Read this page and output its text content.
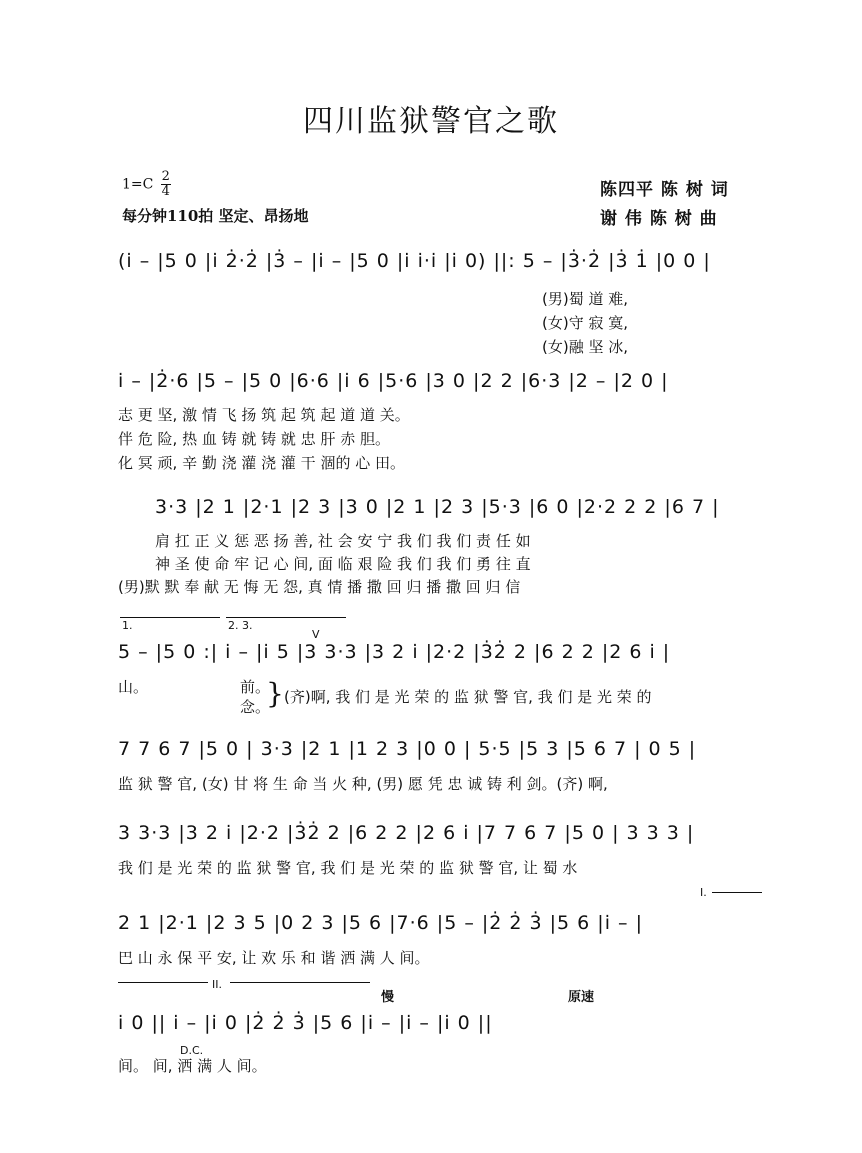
四川监狱警官之歌
$1=C \frac{2}{4}$
每分钟110拍 坚定、昂扬地
陈四平 陈 树 词
谢 伟 陈 树 曲
(i̇ – |5 0 |i̇ 2̇·2̇ |3̇ – |i̇ – |5 0 |i̇ i̇·i̇ |i̇ 0) ||: 5 – |3̇·2̇ |3̇ 1̇ |0 0 |
(男)蜀 道 难,
(女)守 寂 寞,
(女)融 坚 冰,
i̇ – |2̇·6 |5 – |5 0 |6·6 |i̇ 6 |5·6 |3 0 |2 2 |6·3 |2 – |2 0 |
志 更 坚, 激 情 飞 扬 筑 起 筑 起 道 道 关。
伴 危 险, 热 血 铸 就 铸 就 忠 肝 赤 胆。
化 冥 顽, 辛 勤 浇 灌 浇 灌 干 涸的 心 田。
3·3 |2 1 |2·1 |2 3 |3 0 |2 1 |2 3 |5·3 |6 0 |2·2 2 2 |6 7 |
肩 扛 正 义 惩 恶 扬 善, 社 会 安 宁 我 们 我 们 责 任 如
神 圣 使 命 牢 记 心 间, 面 临 艰 险 我 们 我 们 勇 往 直
(男)默 默 奉 献 无 悔 无 怨, 真 情 播 撒 回 归 播 撒 回 归 信
1.	2. 3.
V
5 – |5 0 :| i̇ – |i̇ 5 |3 3·3 |3 2 i̇ |2·2 |3̇2̇ 2 |6 2 2 |2 6 i̇ |
山。	前。
念。
} (齐)啊, 我 们 是 光 荣 的 监 狱 警 官, 我 们 是 光 荣 的
7 7 6 7 |5 0 | 3·3 |2 1 |1 2 3 |0 0 | 5·5 |5 3 |5 6 7 | 0 5 |
监 狱 警 官, (女) 甘 将 生 命 当 火 种, (男) 愿 凭 忠 诚 铸 利 剑。(齐) 啊,
3 3·3 |3 2 i̇ |2·2 |3̇2̇ 2 |6 2 2 |2 6 i̇ |7 7 6 7 |5 0 | 3 3 3 |
我 们 是 光 荣 的 监 狱 警 官, 我 们 是 光 荣 的 监 狱 警 官, 让 蜀 水
I.
2 1 |2·1 |2 3 5 |0 2 3 |5 6 |7·6 |5 – |2̇ 2̇ 3̇ |5 6 |i̇ – |
巴 山 永 保 平 安, 让 欢 乐 和 谐 洒 满 人 间。
II.
慢	原速
i̇ 0 || i̇ – |i̇ 0 |2̇ 2̇ 3̇ |5 6 |i̇ – |i̇ – |i̇ 0 ||
D.C.
间。 间, 洒 满 人 间。
